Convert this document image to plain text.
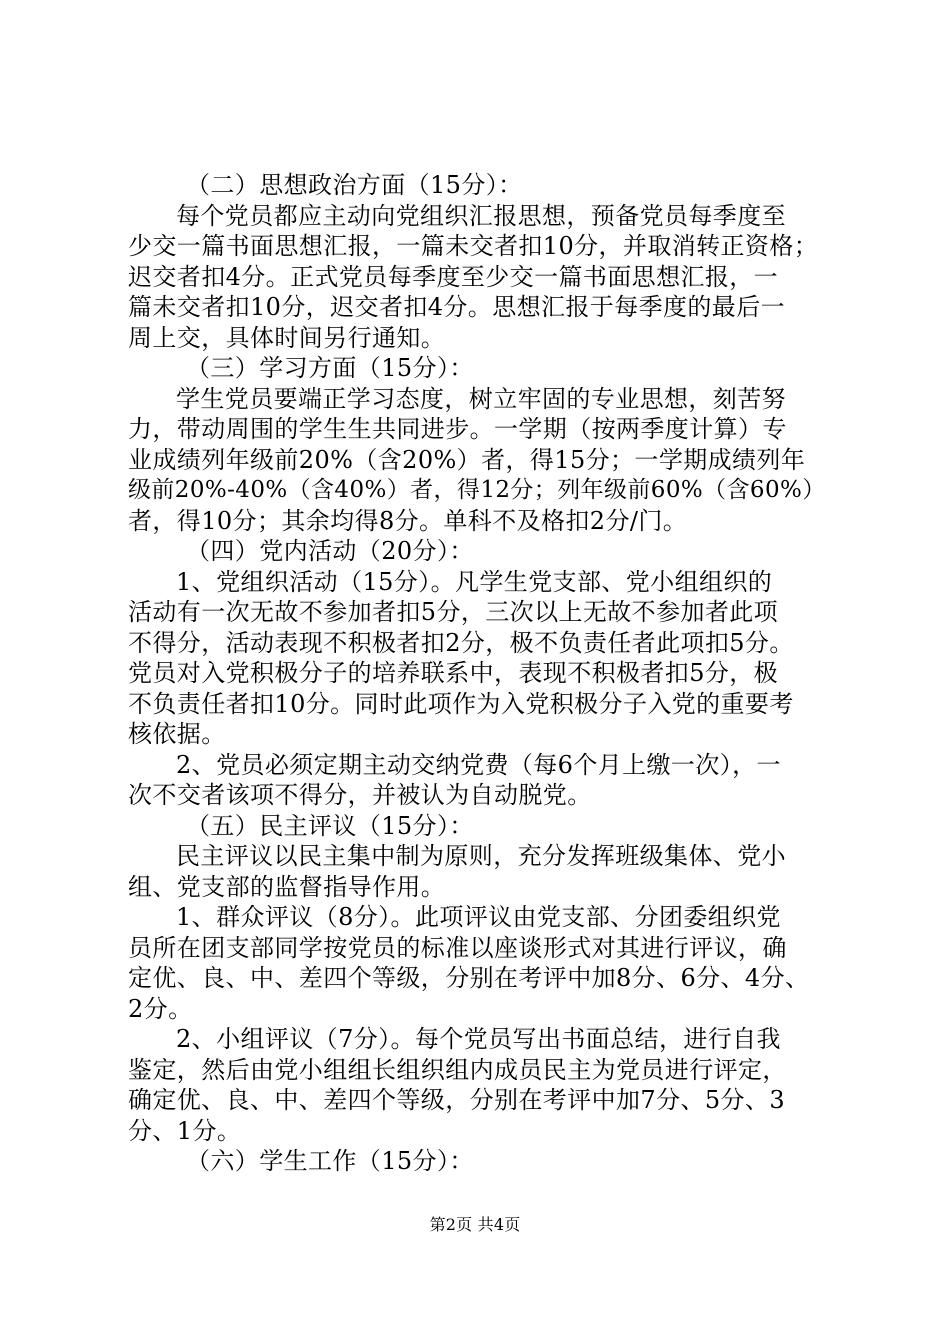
（二）思想政治方面（15分）：
每个党员都应主动向党组织汇报思想，预备党员每季度至
少交一篇书面思想汇报，一篇未交者扣10分，并取消转正资格；
迟交者扣4分。正式党员每季度至少交一篇书面思想汇报，一
篇未交者扣10分，迟交者扣4分。思想汇报于每季度的最后一
周上交，具体时间另行通知。
（三）学习方面（15分）：
学生党员要端正学习态度，树立牢固的专业思想，刻苦努
力，带动周围的学生生共同进步。一学期（按两季度计算）专
业成绩列年级前20%（含20%）者，得15分；一学期成绩列年
级前20%-40%（含40%）者，得12分；列年级前60%（含60%）
者，得10分；其余均得8分。单科不及格扣2分/门。
（四）党内活动（20分）：
1、党组织活动（15分）。凡学生党支部、党小组组织的
活动有一次无故不参加者扣5分，三次以上无故不参加者此项
不得分，活动表现不积极者扣2分，极不负责任者此项扣5分。
党员对入党积极分子的培养联系中，表现不积极者扣5分，极
不负责任者扣10分。同时此项作为入党积极分子入党的重要考
核依据。
2、党员必须定期主动交纳党费（每6个月上缴一次），一
次不交者该项不得分，并被认为自动脱党。
（五）民主评议（15分）：
民主评议以民主集中制为原则，充分发挥班级集体、党小
组、党支部的监督指导作用。
1、群众评议（8分）。此项评议由党支部、分团委组织党
员所在团支部同学按党员的标准以座谈形式对其进行评议，确
定优、良、中、差四个等级，分别在考评中加8分、6分、4分、
2分。
2、小组评议（7分）。每个党员写出书面总结，进行自我
鉴定，然后由党小组组长组织组内成员民主为党员进行评定，
确定优、良、中、差四个等级，分别在考评中加7分、5分、3
分、1分。
（六）学生工作（15分）：
第2页 共4页
